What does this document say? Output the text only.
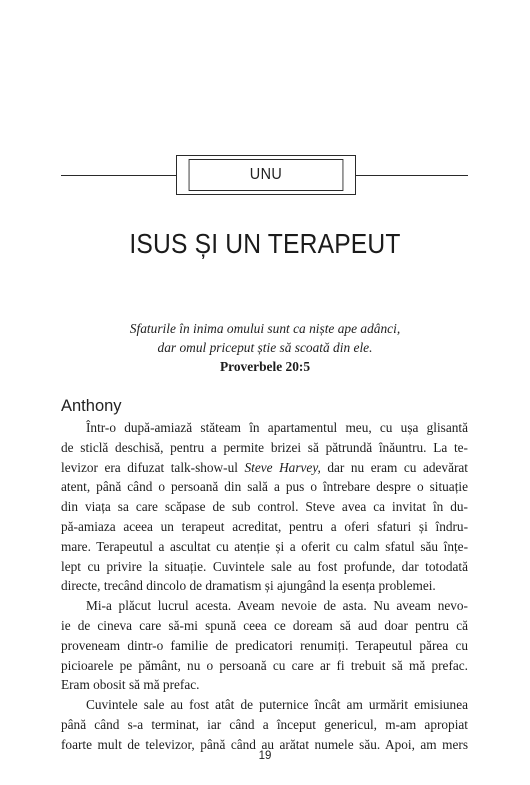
UNU
ISUS ȘI UN TERAPEUT
Sfaturile în inima omului sunt ca niște ape adânci,
dar omul priceput știe să scoată din ele.
Proverbele 20:5
Anthony
Într-o după-amiază stăteam în apartamentul meu, cu ușa glisantă
de sticlă deschisă, pentru a permite brizei să pătrundă înăuntru. La te-
levizor era difuzat talk-show-ul Steve Harvey, dar nu eram cu adevărat
atent, până când o persoană din sală a pus o întrebare despre o situație
din viața sa care scăpase de sub control. Steve avea ca invitat în du-
pă-amiaza aceea un terapeut acreditat, pentru a oferi sfaturi și îndru-
mare. Terapeutul a ascultat cu atenție și a oferit cu calm sfatul său înțe-
lept cu privire la situație. Cuvintele sale au fost profunde, dar totodată
directe, trecând dincolo de dramatism și ajungând la esența problemei.
Mi-a plăcut lucrul acesta. Aveam nevoie de asta. Nu aveam nevo-
ie de cineva care să-mi spună ceea ce doream să aud doar pentru că
proveneam dintr-o familie de predicatori renumiți. Terapeutul părea cu
picioarele pe pământ, nu o persoană cu care ar fi trebuit să mă prefac.
Eram obosit să mă prefac.
Cuvintele sale au fost atât de puternice încât am urmărit emisiunea
până când s-a terminat, iar când a început genericul, m-am apropiat
foarte mult de televizor, până când au arătat numele său. Apoi, am mers
19
